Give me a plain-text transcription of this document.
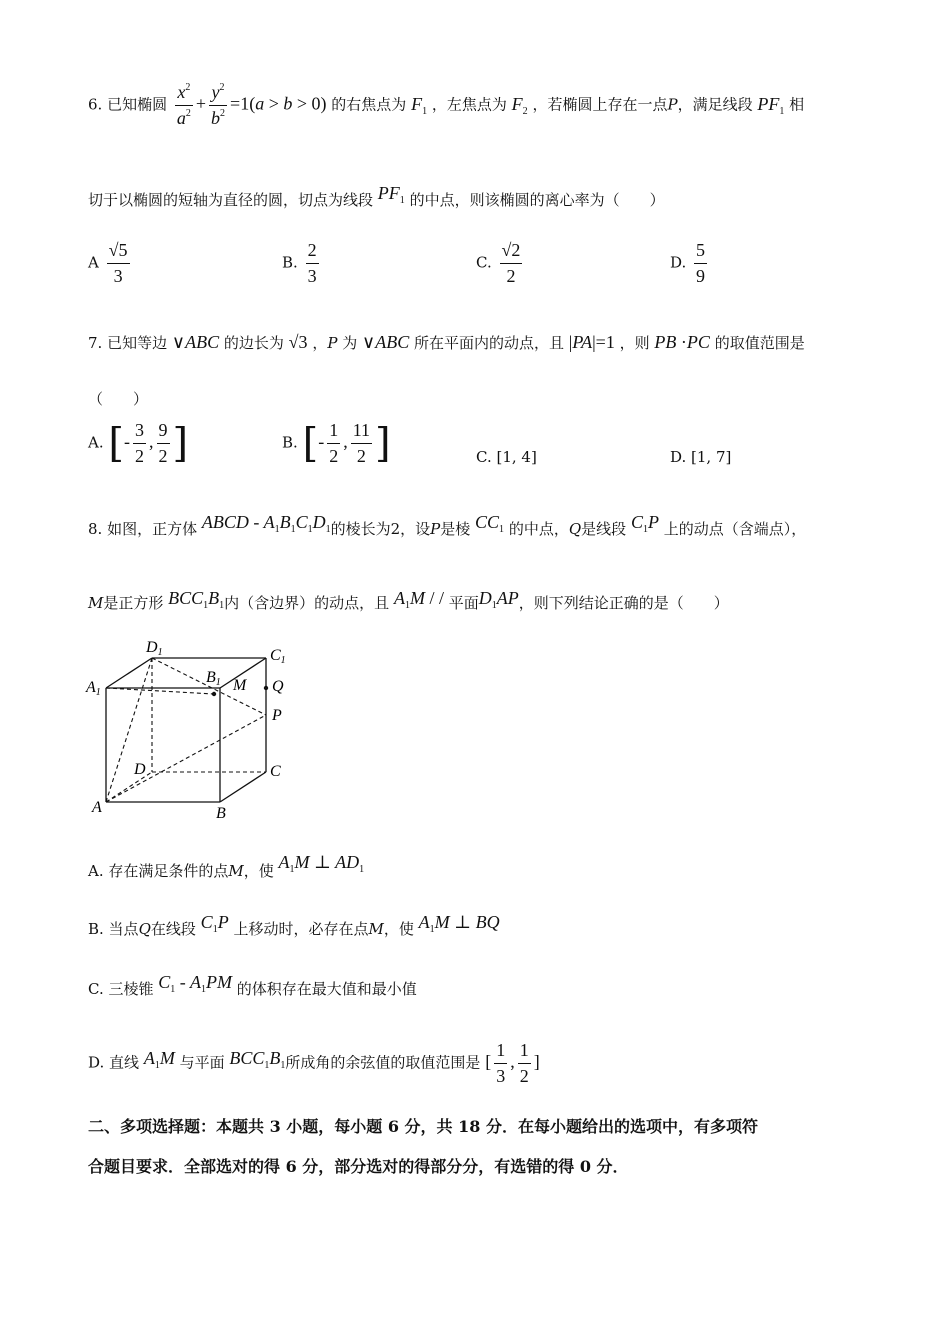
6. 已知椭圆 $\frac{x^2}{a^2} + \frac{y^2}{b^2} =1(a > b > 0)$ 的右焦点为 $F_1$ ，左焦点为 $F_2$ ，若椭圆上存在一点P，满足线段 $PF_1$ 相
切于以椭圆的短轴为直径的圆，切点为线段 $PF_1$ 的中点，则该椭圆的离心率为（　　）
A $\frac{√5}{3}$	B. $\frac{2}{3}$	C. $\frac{√2}{2}$	D. $\frac{5}{9}$
7. 已知等边 ∨ABC 的边长为 √3 ，P 为 ∨ABC 所在平面内的动点，且 |PA|=1 ，则 PB ·PC 的取值范围是
（　　）
A. [- $\frac{3}{2}$ , $\frac{9}{2}$ ]	B. [- $\frac{1}{2}$ , $\frac{11}{2}$ ]	C. [1, 4]	D. [1, 7]
8. 如图，正方体 ABCD - $A_1B_1C_1D_1$的棱长为2，设P是棱 $CC_1$ 的中点，Q是线段 $C_1P$ 上的动点（含端点），
M是正方形 $BCC_1B_1$内（含边界）的动点，且 $A_1M$ / / 平面$D_1AP$，则下列结论正确的是（　　）
D1	C1
A1
B1 M Q
P
D	C
A	B
A. 存在满足条件的点M，使 $A_1M$ ⊥ $AD_1$
B. 当点Q在线段 $C_1P$ 上移动时，必存在点M，使 $A_1M$ ⊥ BQ
C. 三棱锥 $C_1 - A_1PM$ 的体积存在最大值和最小值
D. 直线 $A_1M$ 与平面 $BCC_1B_1$所成角的余弦值的取值范围是 [ $\frac{1}{3}$ , $\frac{1}{2}$ ]
二、多项选择题：本题共 3 小题，每小题 6 分，共 18 分．在每小题给出的选项中，有多项符
合题目要求．全部选对的得 6 分，部分选对的得部分分，有选错的得 0 分．
